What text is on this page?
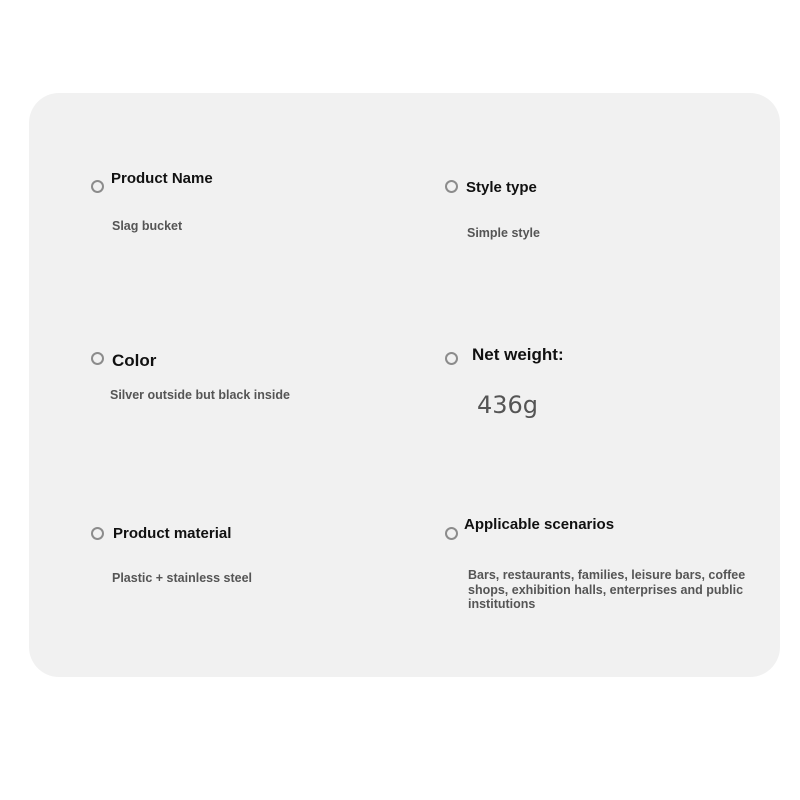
Product Name
Slag bucket
Style type
Simple style
Color
Silver outside but black inside
Net weight:
436g
Product material
Plastic + stainless steel
Applicable scenarios
Bars, restaurants, families, leisure bars, coffee shops, exhibition halls, enterprises and public institutions
